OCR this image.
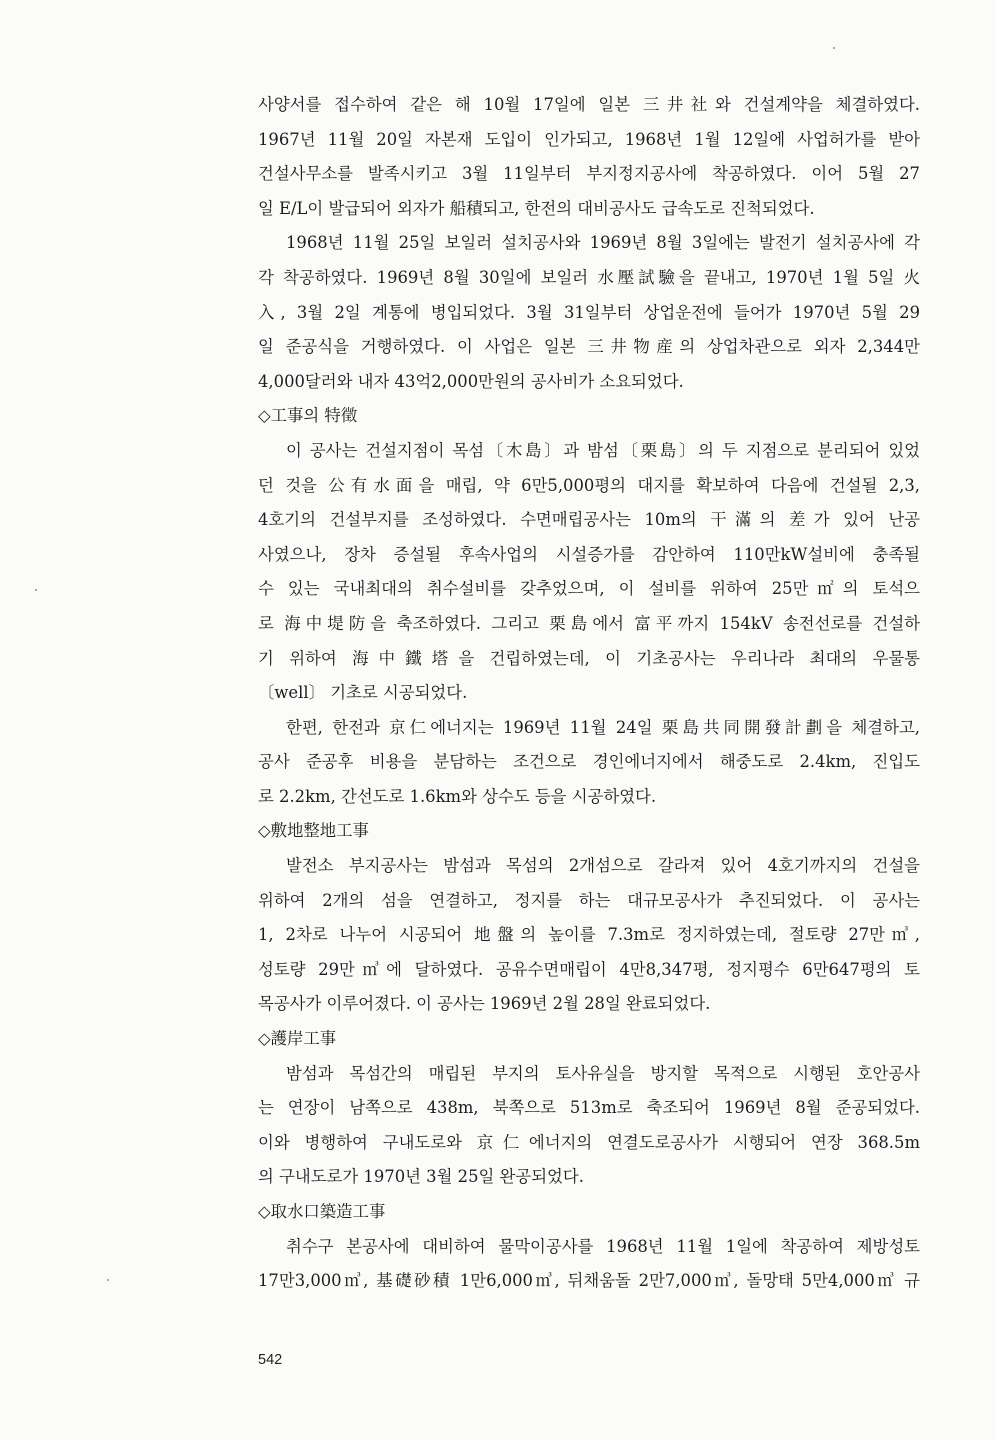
사양서를 접수하여 같은 해 10월 17일에 일본 三井社와 건설계약을 체결하였다.
1967년 11월 20일 자본재 도입이 인가되고, 1968년 1월 12일에 사업허가를 받아
건설사무소를 발족시키고 3월 11일부터 부지정지공사에 착공하였다. 이어 5월 27
일 E/L이 발급되어 외자가 船積되고, 한전의 대비공사도 급속도로 진척되었다.
1968년 11월 25일 보일러 설치공사와 1969년 8월 3일에는 발전기 설치공사에 각
각 착공하였다. 1969년 8월 30일에 보일러 水壓試驗을 끝내고, 1970년 1월 5일 火
入, 3월 2일 계통에 병입되었다. 3월 31일부터 상업운전에 들어가 1970년 5월 29
일 준공식을 거행하였다. 이 사업은 일본 三井物産의 상업차관으로 외자 2,344만
4,000달러와 내자 43억2,000만원의 공사비가 소요되었다.
◇工事의 特徵
이 공사는 건설지점이 목섬〔木島〕과 밤섬〔栗島〕의 두 지점으로 분리되어 있었
던 것을 公有水面을 매립, 약 6만5,000평의 대지를 확보하여 다음에 건설될 2,3,
4호기의 건설부지를 조성하였다. 수면매립공사는 10m의 干滿의 差가 있어 난공
사였으나, 장차 증설될 후속사업의 시설증가를 감안하여 110만kW설비에 충족될
수 있는 국내최대의 취수설비를 갖추었으며, 이 설비를 위하여 25만㎡의 토석으
로 海中堤防을 축조하였다. 그리고 栗島에서 富平까지 154kV 송전선로를 건설하
기 위하여 海中鐵塔을 건립하였는데, 이 기초공사는 우리나라 최대의 우물통
〔well〕 기초로 시공되었다.
한편, 한전과 京仁에너지는 1969년 11월 24일 栗島共同開發計劃을 체결하고,
공사 준공후 비용을 분담하는 조건으로 경인에너지에서 해중도로 2.4km, 진입도
로 2.2km, 간선도로 1.6km와 상수도 등을 시공하였다.
◇敷地整地工事
발전소 부지공사는 밤섬과 목섬의 2개섬으로 갈라져 있어 4호기까지의 건설을
위하여 2개의 섬을 연결하고, 정지를 하는 대규모공사가 추진되었다. 이 공사는
1, 2차로 나누어 시공되어 地盤의 높이를 7.3m로 정지하였는데, 절토량 27만㎥,
성토량 29만㎥에 달하였다. 공유수면매립이 4만8,347평, 정지평수 6만647평의 토
목공사가 이루어졌다. 이 공사는 1969년 2월 28일 완료되었다.
◇護岸工事
밤섬과 목섬간의 매립된 부지의 토사유실을 방지할 목적으로 시행된 호안공사
는 연장이 남쪽으로 438m, 북쪽으로 513m로 축조되어 1969년 8월 준공되었다.
이와 병행하여 구내도로와 京仁에너지의 연결도로공사가 시행되어 연장 368.5m
의 구내도로가 1970년 3월 25일 완공되었다.
◇取水口築造工事
취수구 본공사에 대비하여 물막이공사를 1968년 11월 1일에 착공하여 제방성토
17만3,000㎥, 基礎砂積 1만6,000㎥, 뒤채움돌 2만7,000㎥, 돌망태 5만4,000㎥ 규
542
